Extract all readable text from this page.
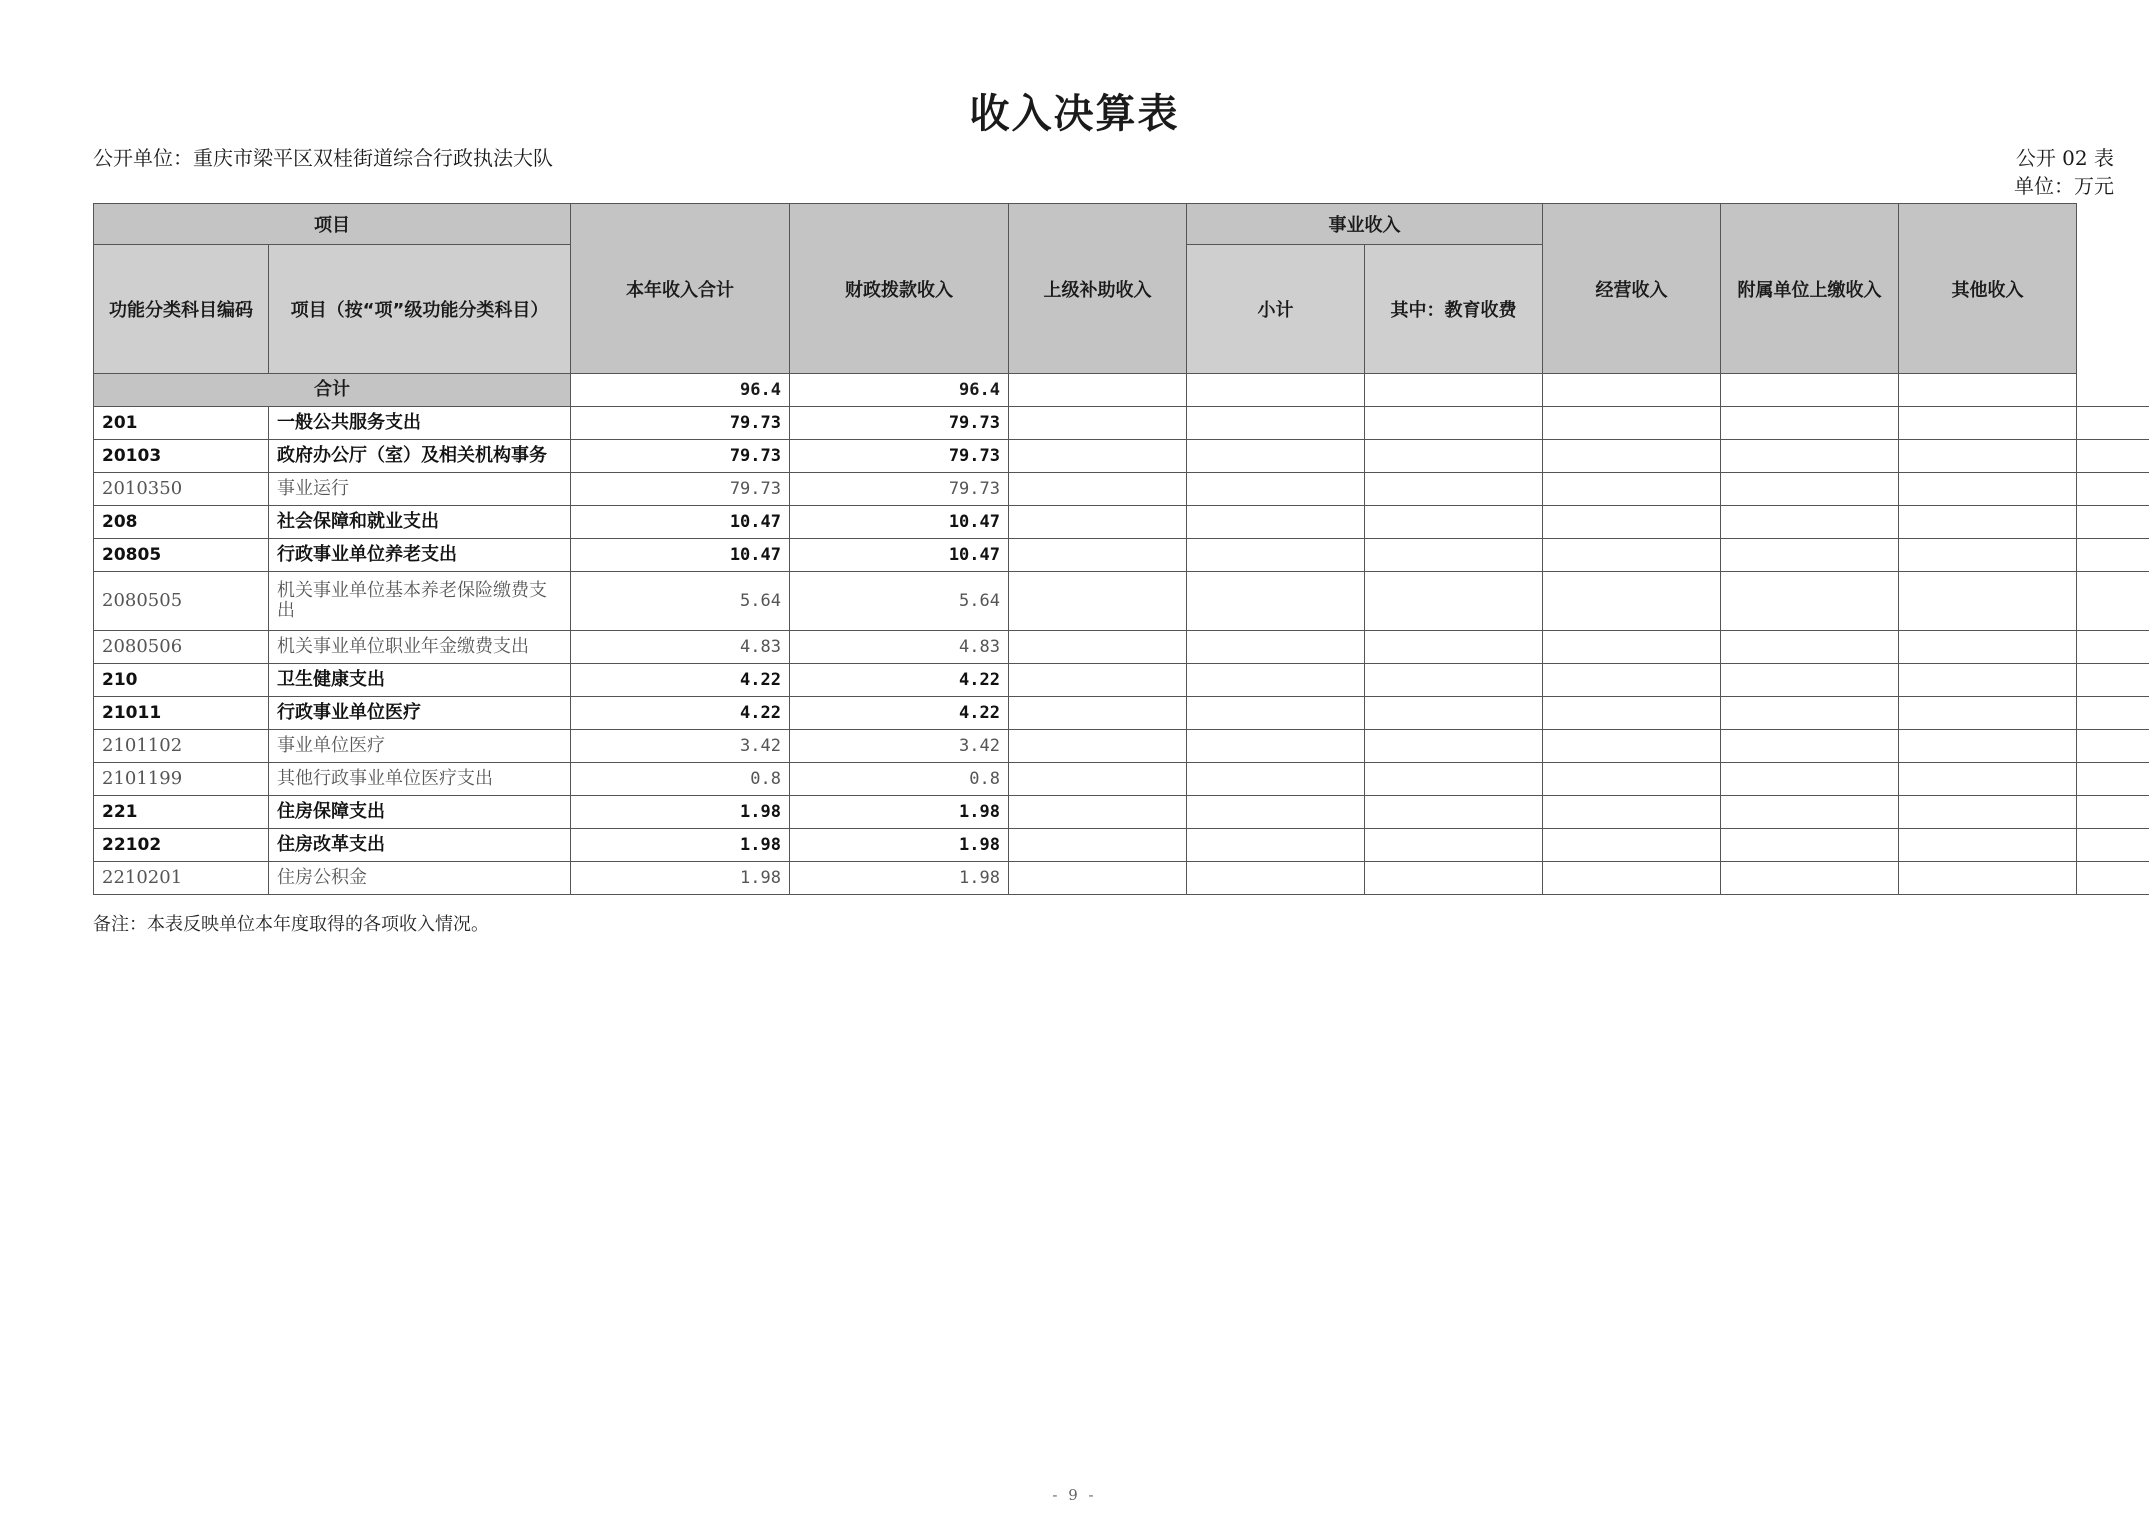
收入决算表
公开单位：重庆市梁平区双桂街道综合行政执法大队	公开 02 表
单位：万元
项目		本年收入合计	财政拨款收入	上级补助收入	事业收入		经营收入	附属单位上缴收入	其他收入	
功能分类科目编码	项目（按“项”级功能分类科目）				小计	其中：教育收费				
合计		96.4	96.4							
201	一般公共服务支出	79.73	79.73							
20103	政府办公厅（室）及相关机构事务	79.73	79.73							
2010350	事业运行	79.73	79.73							
208	社会保障和就业支出	10.47	10.47							
20805	行政事业单位养老支出	10.47	10.47							
2080505	机关事业单位基本养老保险缴费支出	5.64	5.64							
2080506	机关事业单位职业年金缴费支出	4.83	4.83							
210	卫生健康支出	4.22	4.22							
21011	行政事业单位医疗	4.22	4.22							
2101102	事业单位医疗	3.42	3.42							
2101199	其他行政事业单位医疗支出	0.8	0.8							
221	住房保障支出	1.98	1.98							
22102	住房改革支出	1.98	1.98							
2210201	住房公积金	1.98	1.98							
备注：本表反映单位本年度取得的各项收入情况。
- 9 -
